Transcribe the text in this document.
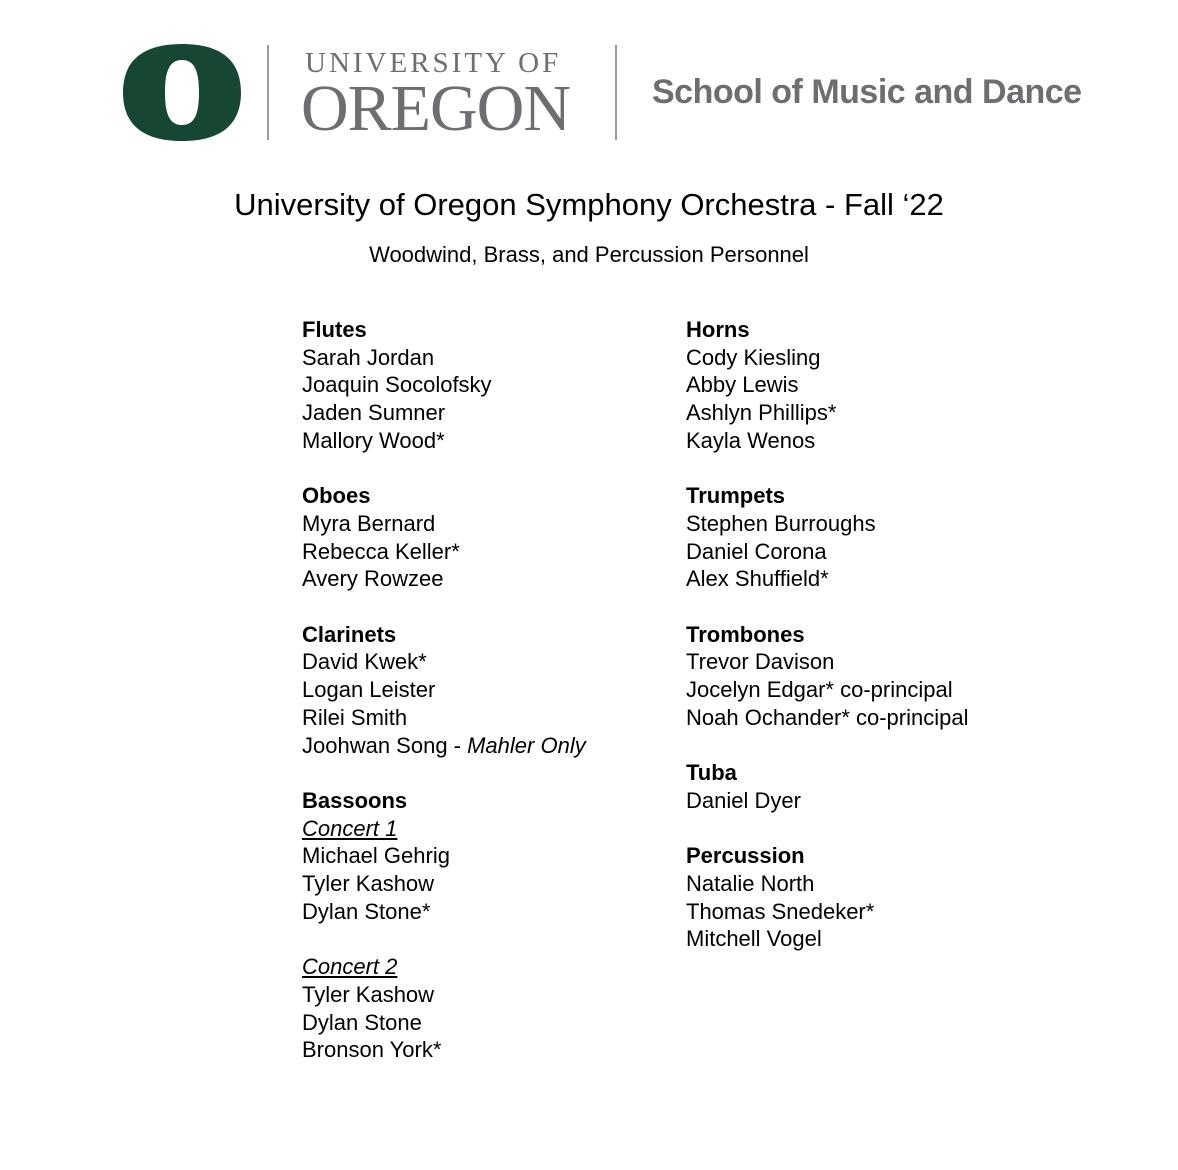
UNIVERSITY OF
OREGON	School of Music and Dance
University of Oregon Symphony Orchestra - Fall ‘22
Woodwind, Brass, and Percussion Personnel
Flutes
Sarah Jordan
Joaquin Socolofsky
Jaden Sumner
Mallory Wood*
Oboes
Myra Bernard
Rebecca Keller*
Avery Rowzee
Clarinets
David Kwek*
Logan Leister
Rilei Smith
Joohwan Song - Mahler Only
Bassoons
Concert 1
Michael Gehrig
Tyler Kashow
Dylan Stone*
Concert 2
Tyler Kashow
Dylan Stone
Bronson York*
Horns
Cody Kiesling
Abby Lewis
Ashlyn Phillips*
Kayla Wenos
Trumpets
Stephen Burroughs
Daniel Corona
Alex Shuffield*
Trombones
Trevor Davison
Jocelyn Edgar* co-principal
Noah Ochander* co-principal
Tuba
Daniel Dyer
Percussion
Natalie North
Thomas Snedeker*
Mitchell Vogel
